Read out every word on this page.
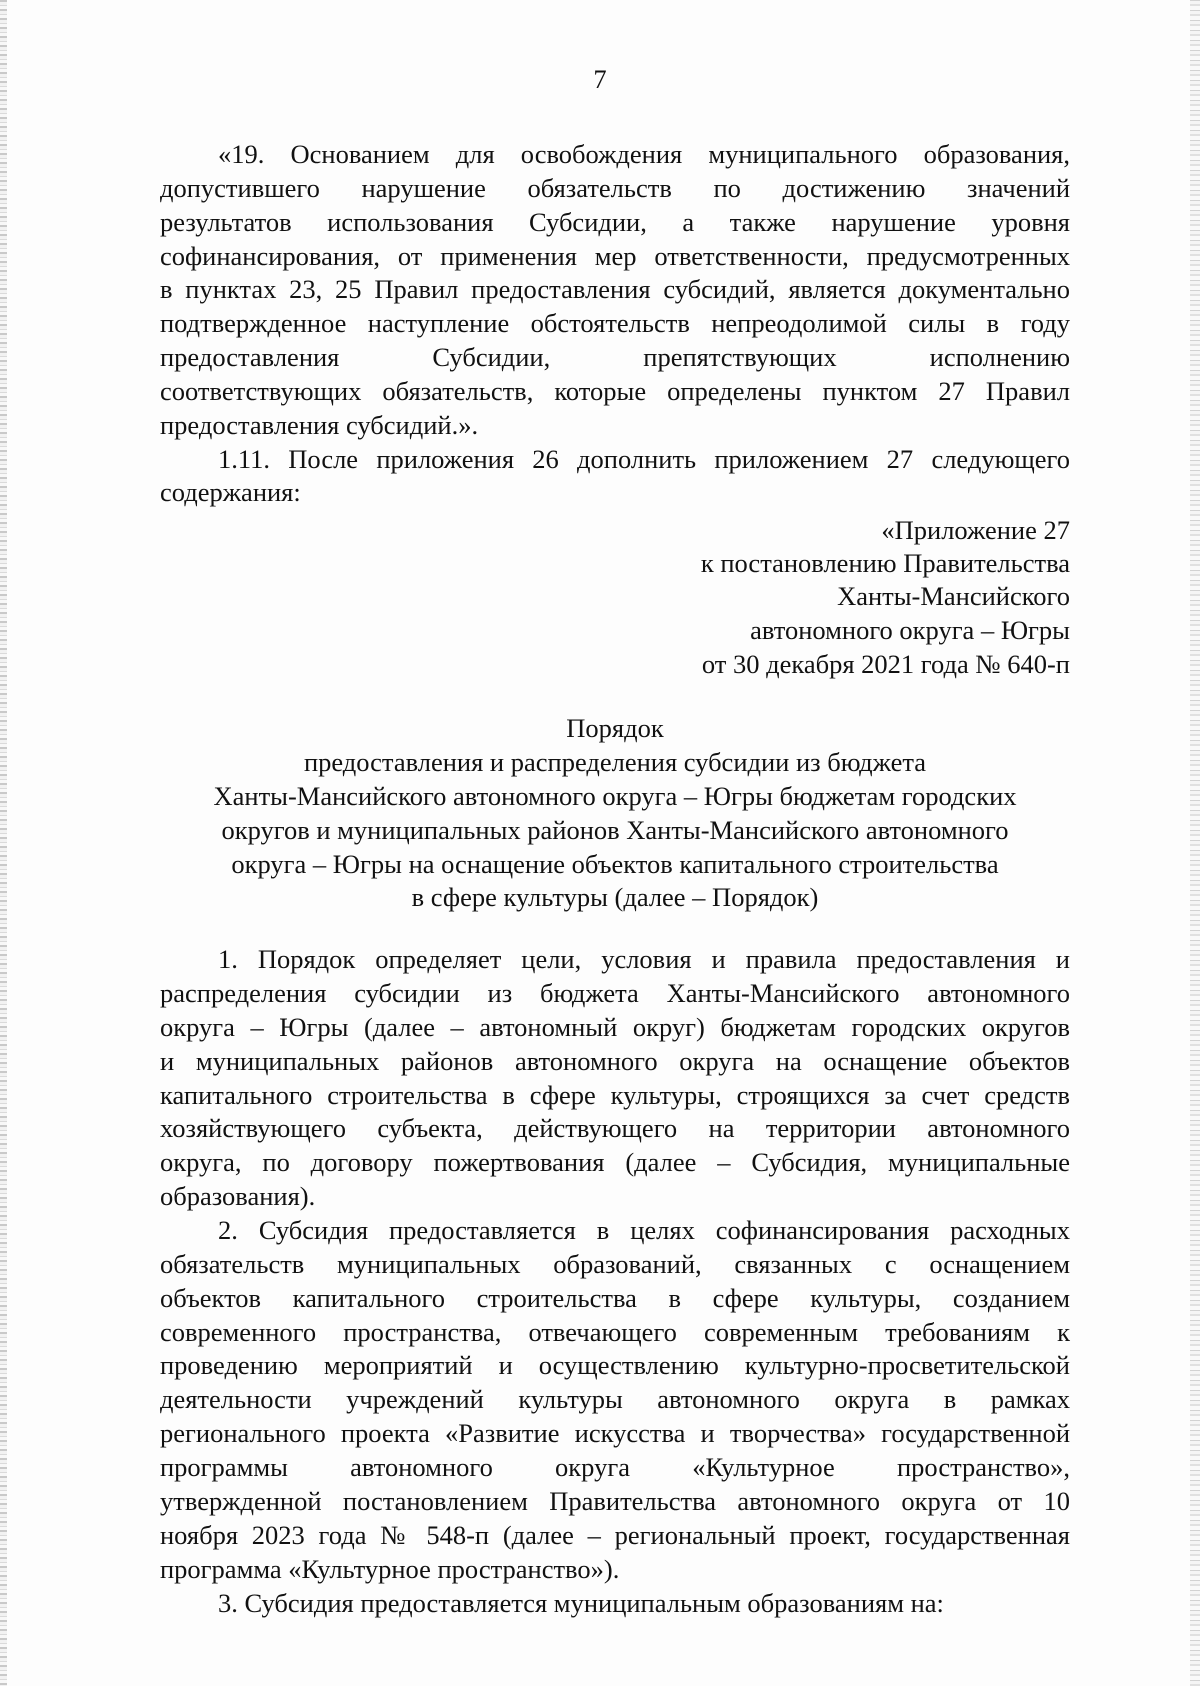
7
«19. Основанием для освобождения муниципального образования,
допустившего нарушение обязательств по достижению значений
результатов использования Субсидии, а также нарушение уровня
софинансирования, от применения мер ответственности, предусмотренных
в пунктах 23, 25 Правил предоставления субсидий, является документально
подтвержденное наступление обстоятельств непреодолимой силы в году
предоставления Субсидии, препятствующих исполнению
соответствующих обязательств, которые определены пунктом 27 Правил
предоставления субсидий.».
1.11. После приложения 26 дополнить приложением 27 следующего
содержания:
«Приложение 27
к постановлению Правительства
Ханты-Мансийского
автономного округа – Югры
от 30 декабря 2021 года № 640-п
Порядок
предоставления и распределения субсидии из бюджета
Ханты-Мансийского автономного округа – Югры бюджетам городских
округов и муниципальных районов Ханты-Мансийского автономного
округа – Югры на оснащение объектов капитального строительства
в сфере культуры (далее – Порядок)
1. Порядок определяет цели, условия и правила предоставления и
распределения субсидии из бюджета Ханты-Мансийского автономного
округа – Югры (далее – автономный округ) бюджетам городских округов
и муниципальных районов автономного округа на оснащение объектов
капитального строительства в сфере культуры, строящихся за счет средств
хозяйствующего субъекта, действующего на территории автономного
округа, по договору пожертвования (далее – Субсидия, муниципальные
образования).
2. Субсидия предоставляется в целях софинансирования расходных
обязательств муниципальных образований, связанных с оснащением
объектов капитального строительства в сфере культуры, созданием
современного пространства, отвечающего современным требованиям к
проведению мероприятий и осуществлению культурно-просветительской
деятельности учреждений культуры автономного округа в рамках
регионального проекта «Развитие искусства и творчества» государственной
программы автономного округа «Культурное пространство»,
утвержденной постановлением Правительства автономного округа от 10
ноября 2023 года № 548-п (далее – региональный проект, государственная
программа «Культурное пространство»).
3. Субсидия предоставляется муниципальным образованиям на:
